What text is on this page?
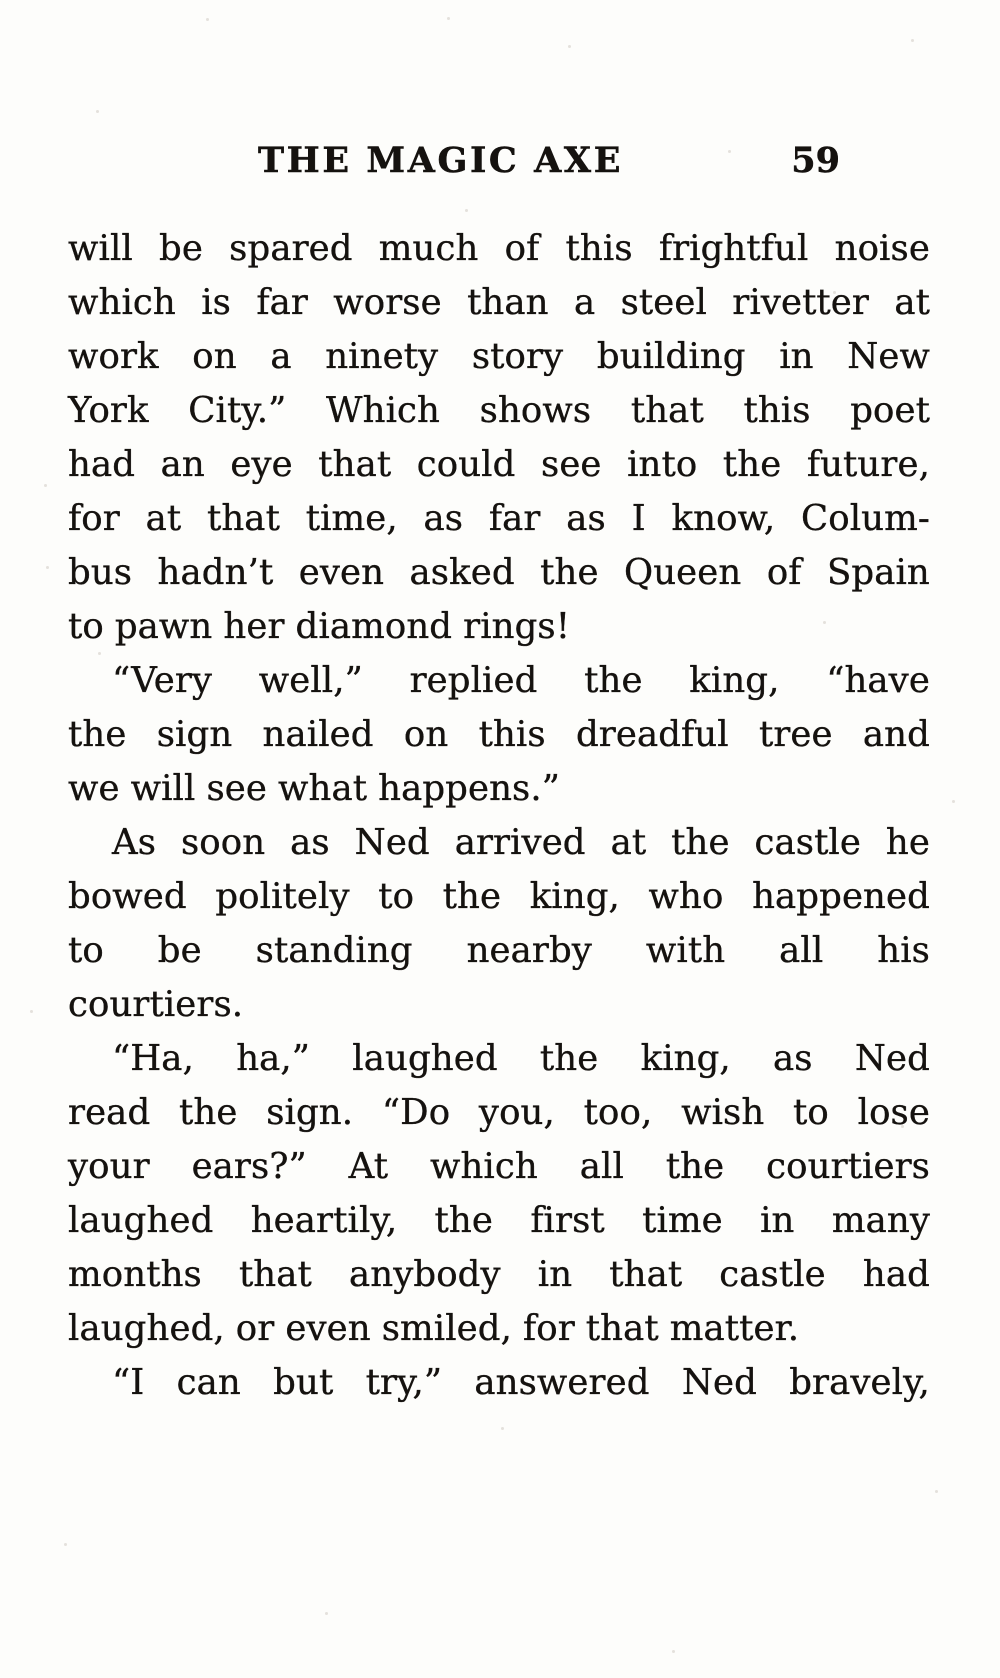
THE MAGIC AXE	59
will be spared much of this frightful noise
which is far worse than a steel rivetter at
work on a ninety story building in New
York City.” Which shows that this poet
had an eye that could see into the future,
for at that time, as far as I know, Colum-
bus hadn’t even asked the Queen of Spain
to pawn her diamond rings!
“Very well,” replied the king, “have
the sign nailed on this dreadful tree and
we will see what happens.”
As soon as Ned arrived at the castle he
bowed politely to the king, who happened
to be standing nearby with all his
courtiers.
“Ha, ha,” laughed the king, as Ned
read the sign. “Do you, too, wish to lose
your ears?” At which all the courtiers
laughed heartily, the first time in many
months that anybody in that castle had
laughed, or even smiled, for that matter.
“I can but try,” answered Ned bravely,
